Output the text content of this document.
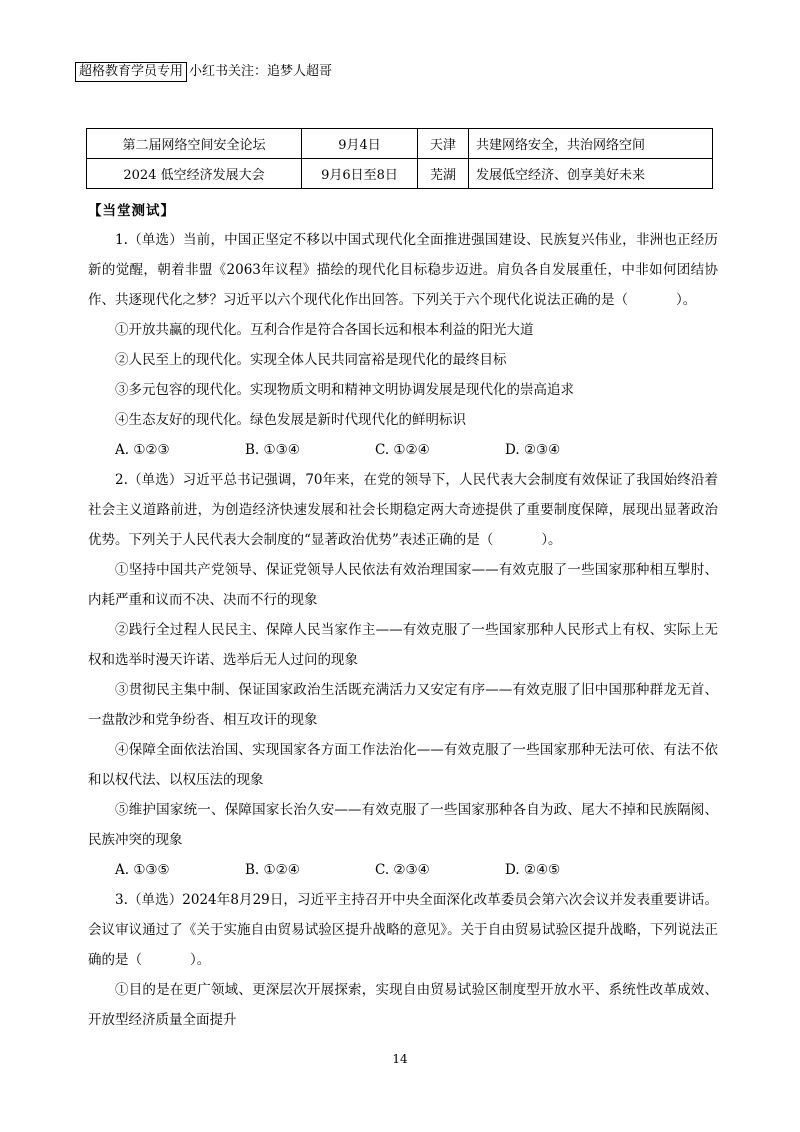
超格教育学员专用 小红书关注：追梦人超哥
第二届网络空间安全论坛	9月4日	天津	共建网络安全，共治网络空间
2024 低空经济发展大会	9月6日至8日	芜湖	发展低空经济、创享美好未来
【当堂测试】

1.（单选）当前，中国正坚定不移以中国式现代化全面推进强国建设、民族复兴伟业，非洲也正经历新的觉醒，朝着非盟《2063年议程》描绘的现代化目标稳步迈进。肩负各自发展重任，中非如何团结协作、共逐现代化之梦？习近平以六个现代化作出回答。下列关于六个现代化说法正确的是（	）。

①开放共赢的现代化。互利合作是符合各国长远和根本利益的阳光大道

②人民至上的现代化。实现全体人民共同富裕是现代化的最终目标

③多元包容的现代化。实现物质文明和精神文明协调发展是现代化的崇高追求

④生态友好的现代化。绿色发展是新时代现代化的鲜明标识

A. ①②③	B. ①③④	C. ①②④	D. ②③④

2.（单选）习近平总书记强调，70年来，在党的领导下，人民代表大会制度有效保证了我国始终沿着社会主义道路前进，为创造经济快速发展和社会长期稳定两大奇迹提供了重要制度保障，展现出显著政治优势。下列关于人民代表大会制度的“显著政治优势”表述正确的是（	）。

①坚持中国共产党领导、保证党领导人民依法有效治理国家——有效克服了一些国家那种相互掣肘、内耗严重和议而不决、决而不行的现象

②践行全过程人民民主、保障人民当家作主——有效克服了一些国家那种人民形式上有权、实际上无权和选举时漫天许诺、选举后无人过问的现象

③贯彻民主集中制、保证国家政治生活既充满活力又安定有序——有效克服了旧中国那种群龙无首、一盘散沙和党争纷沓、相互攻讦的现象

④保障全面依法治国、实现国家各方面工作法治化——有效克服了一些国家那种无法可依、有法不依和以权代法、以权压法的现象

⑤维护国家统一、保障国家长治久安——有效克服了一些国家那种各自为政、尾大不掉和民族隔阂、民族冲突的现象

A. ①③⑤	B. ①②④	C. ②③④	D. ②④⑤

3.（单选）2024年8月29日，习近平主持召开中央全面深化改革委员会第六次会议并发表重要讲话。会议审议通过了《关于实施自由贸易试验区提升战略的意见》。关于自由贸易试验区提升战略，下列说法正确的是（	）。

①目的是在更广领域、更深层次开展探索，实现自由贸易试验区制度型开放水平、系统性改革成效、开放型经济质量全面提升

14
